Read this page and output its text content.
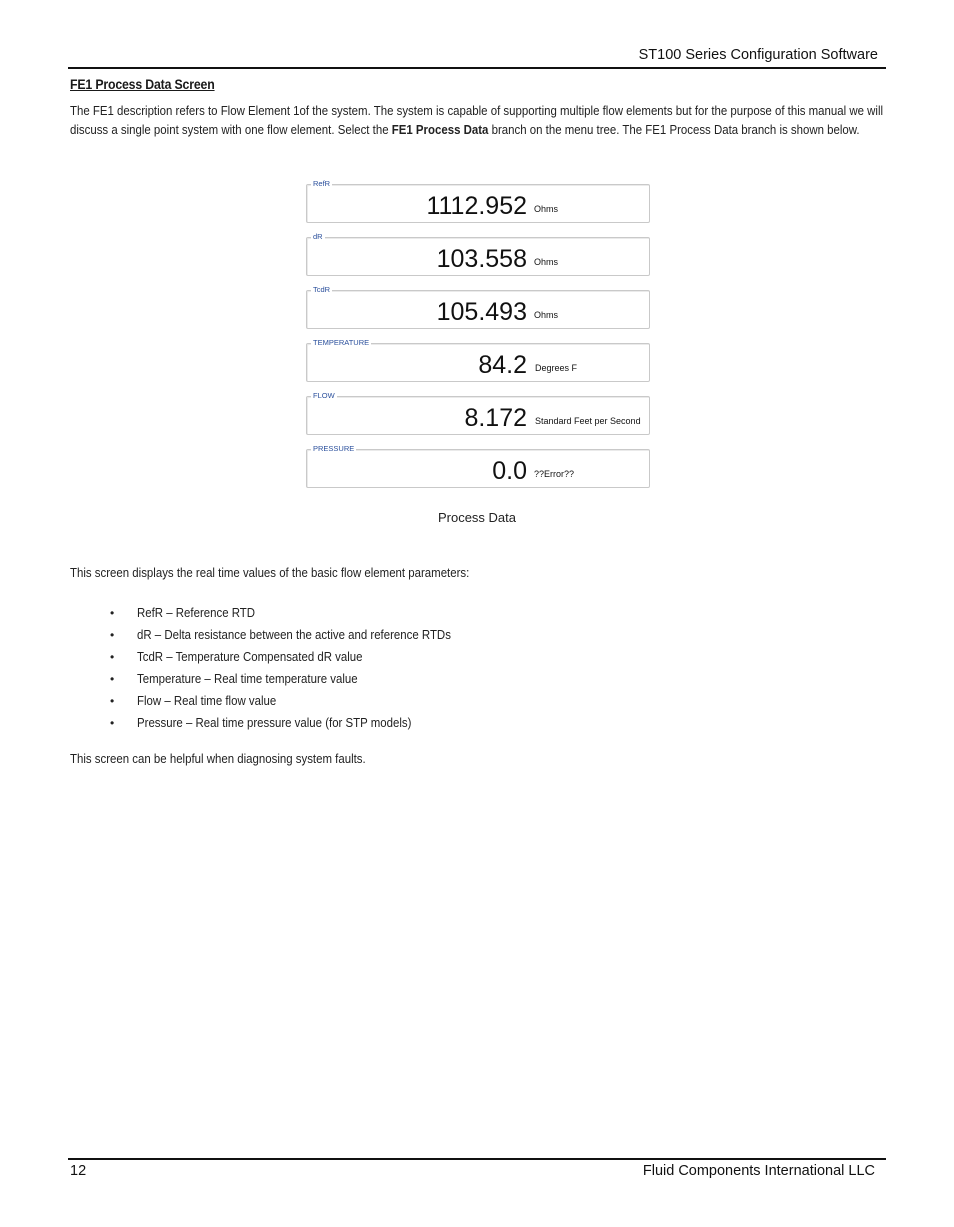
ST100 Series Configuration Software
FE1 Process Data Screen

The FE1 description refers to Flow Element 1of the system. The system is capable of supporting multiple flow elements but for the purpose of this manual we will discuss a single point system with one flow element. Select the FE1 Process Data branch on the menu tree. The FE1 Process Data branch is shown below.

RefR
1112.952 Ohms
dR
103.558 Ohms
TcdR
105.493 Ohms
TEMPERATURE
84.2 Degrees F
FLOW
8.172 Standard Feet per Second
PRESSURE
0.0 ??Error??
Process Data
This screen displays the real time values of the basic flow element parameters:
• RefR – Reference RTD
• dR – Delta resistance between the active and reference RTDs
• TcdR – Temperature Compensated dR value
• Temperature – Real time temperature value
• Flow – Real time flow value
• Pressure – Real time pressure value (for STP models)
This screen can be helpful when diagnosing system faults.
12	Fluid Components International LLC
